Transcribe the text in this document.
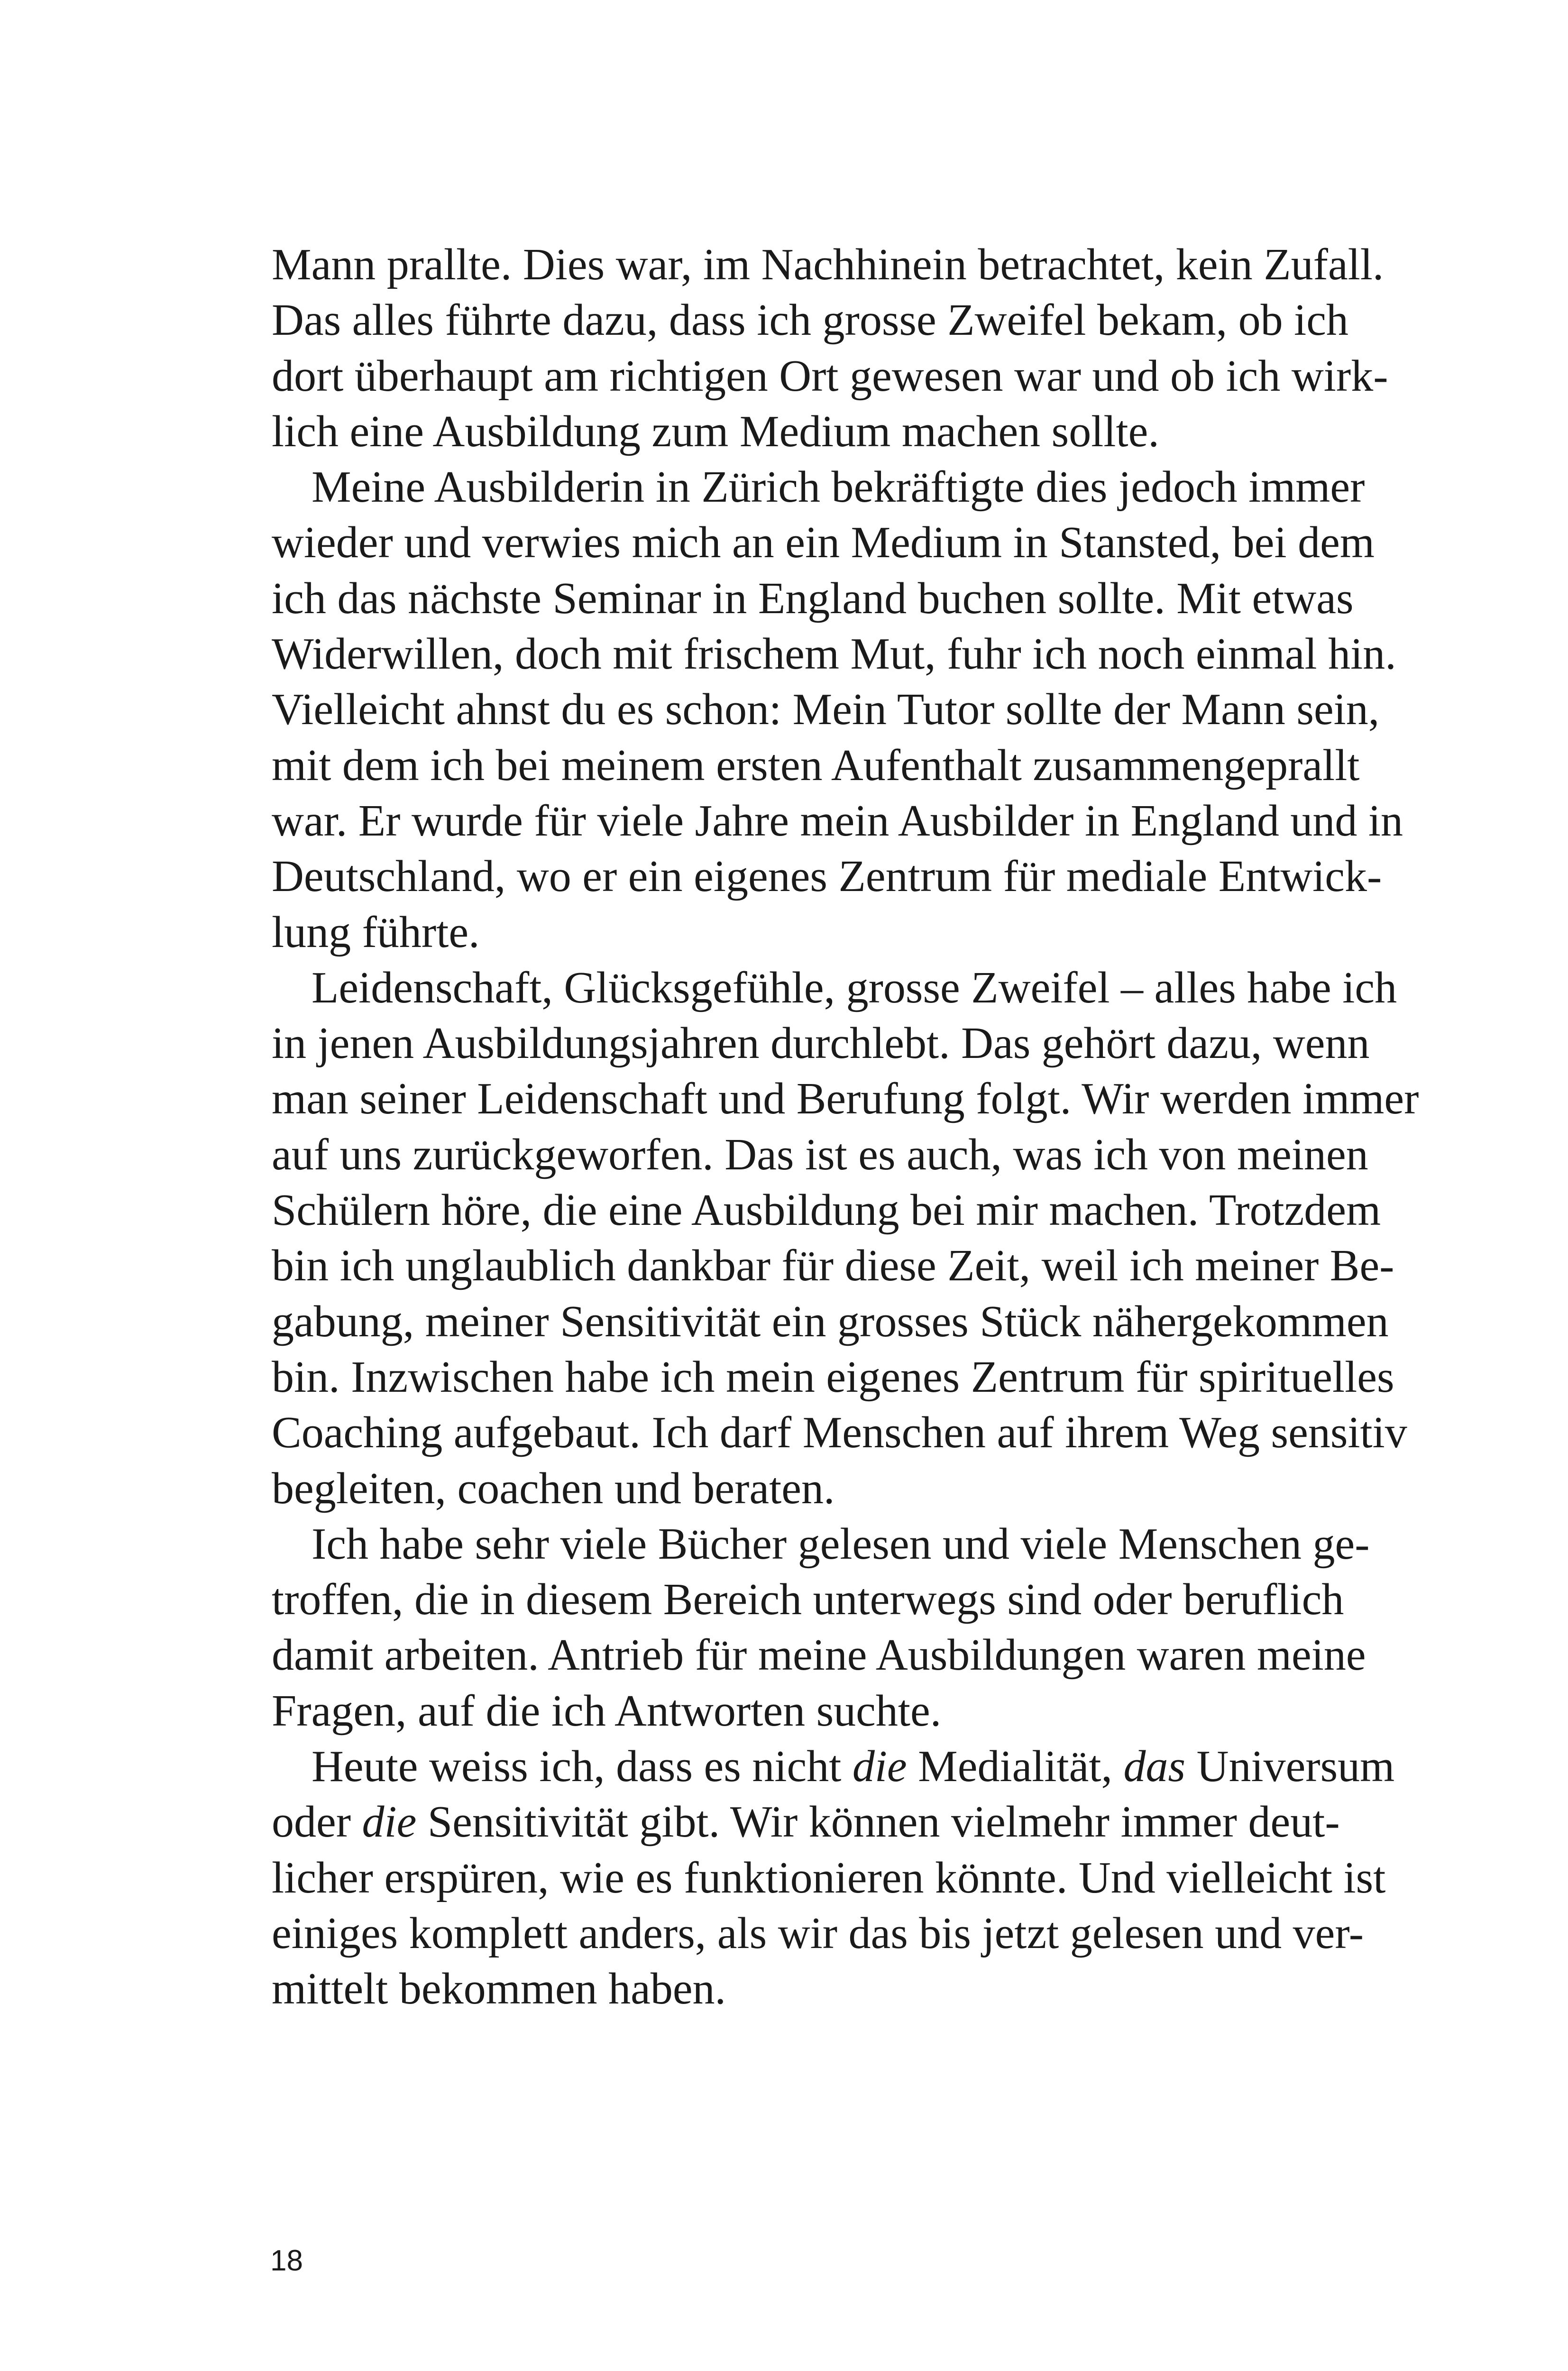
Mann prallte. Dies war, im Nachhinein betrachtet, kein Zufall.
Das alles führte dazu, dass ich grosse Zweifel bekam, ob ich
dort überhaupt am richtigen Ort gewesen war und ob ich wirk-
lich eine Ausbildung zum Medium machen sollte.
Meine Ausbilderin in Zürich bekräftigte dies jedoch immer
wieder und verwies mich an ein Medium in Stansted, bei dem
ich das nächste Seminar in England buchen sollte. Mit etwas
Widerwillen, doch mit frischem Mut, fuhr ich noch einmal hin.
Vielleicht ahnst du es schon: Mein Tutor sollte der Mann sein,
mit dem ich bei meinem ersten Aufenthalt zusammengeprallt
war. Er wurde für viele Jahre mein Ausbilder in England und in
Deutschland, wo er ein eigenes Zentrum für mediale Entwick-
lung führte.
Leidenschaft, Glücksgefühle, grosse Zweifel – alles habe ich
in jenen Ausbildungsjahren durchlebt. Das gehört dazu, wenn
man seiner Leidenschaft und Berufung folgt. Wir werden immer
auf uns zurückgeworfen. Das ist es auch, was ich von meinen
Schülern höre, die eine Ausbildung bei mir machen. Trotzdem
bin ich unglaublich dankbar für diese Zeit, weil ich meiner Be-
gabung, meiner Sensitivität ein grosses Stück nähergekommen
bin. Inzwischen habe ich mein eigenes Zentrum für spirituelles
Coaching aufgebaut. Ich darf Menschen auf ihrem Weg sensitiv
begleiten, coachen und beraten.
Ich habe sehr viele Bücher gelesen und viele Menschen ge-
troffen, die in diesem Bereich unterwegs sind oder beruflich
damit arbeiten. Antrieb für meine Ausbildungen waren meine
Fragen, auf die ich Antworten suchte.
Heute weiss ich, dass es nicht die Medialität, das Universum
oder die Sensitivität gibt. Wir können vielmehr immer deut-
licher erspüren, wie es funktionieren könnte. Und vielleicht ist
einiges komplett anders, als wir das bis jetzt gelesen und ver-
mittelt bekommen haben.
18
